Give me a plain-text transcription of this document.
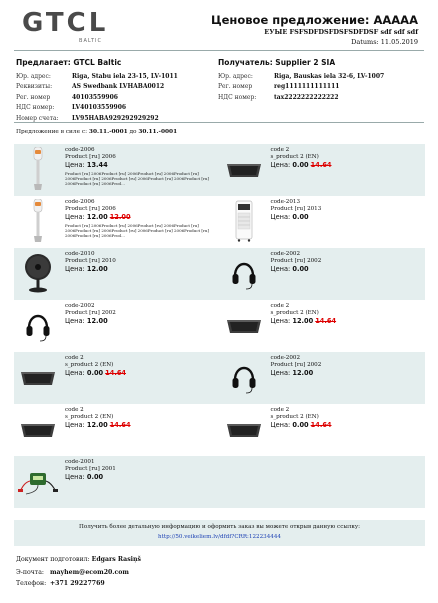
GTCL
BALTIC
Ценовое предложение: AAAAA
EУЫЕ FSFSDFDSFDSFSDFDSF sdf sdf sdf
Datums: 11.05.2019
Предлагает: GTCL Baltic
Юр. адрес:	Riga, Stabu iela 23-15, LV-1011
Реквизиты:	AS Swedbank LVHABA0012
Рег. номер	40103559906
НДС номер:	LV40103559906
Номер счета:	LV95HABA929292929292
Получатель: Supplier 2 SIA
Юр. адрес:	Riga, Bauskas iela 32-6, LV-1007
Рег. номер	reg1111111111111
НДС номер:	tax2222222222222
Предложение в силе с: 30.11.-0001 до 30.11.-0001
code-2006
Product [ru] 2006
Цена: 13.44
Product [ru] 2006Product [ru] 2006Product [ru] 2006Product [ru] 2006Product [ru] 2006Product [ru] 2006Product [ru] 2006Product [ru] 2006Product [ru] 2006Prod...
code 2
s_product 2 (EN)
Цена: 0.00 14.64
code-2006
Product [ru] 2006
Цена: 12.00 12.00
Product [ru] 2006Product [ru] 2006Product [ru] 2006Product [ru] 2006Product [ru] 2006Product [ru] 2006Product [ru] 2006Product [ru] 2006Product [ru] 2006Prod...
code-2013
Product [ru] 2013
Цена: 0.00
code-2010
Product [ru] 2010
Цена: 12.00
code-2002
Product [ru] 2002
Цена: 0.00
code-2002
Product [ru] 2002
Цена: 12.00
code 2
s_product 2 (EN)
Цена: 12.00 14.64
code 2
s_product 2 (EN)
Цена: 0.00 14.64
code-2002
Product [ru] 2002
Цена: 12.00
code 2
s_product 2 (EN)
Цена: 12.00 14.64
code 2
s_product 2 (EN)
Цена: 0.00 14.64
code-2001
Product [ru] 2001
Цена: 0.00
Получить более детальную информацию и оформить заказ вы можете открыв данную ссылку:
http://50.veikeliem.lv/dfdf?CRR:122234444
Документ подготовил: Edgars Rasiņš
Э-почта: mayhem@ecom20.com
Телефон: +371 29227769
